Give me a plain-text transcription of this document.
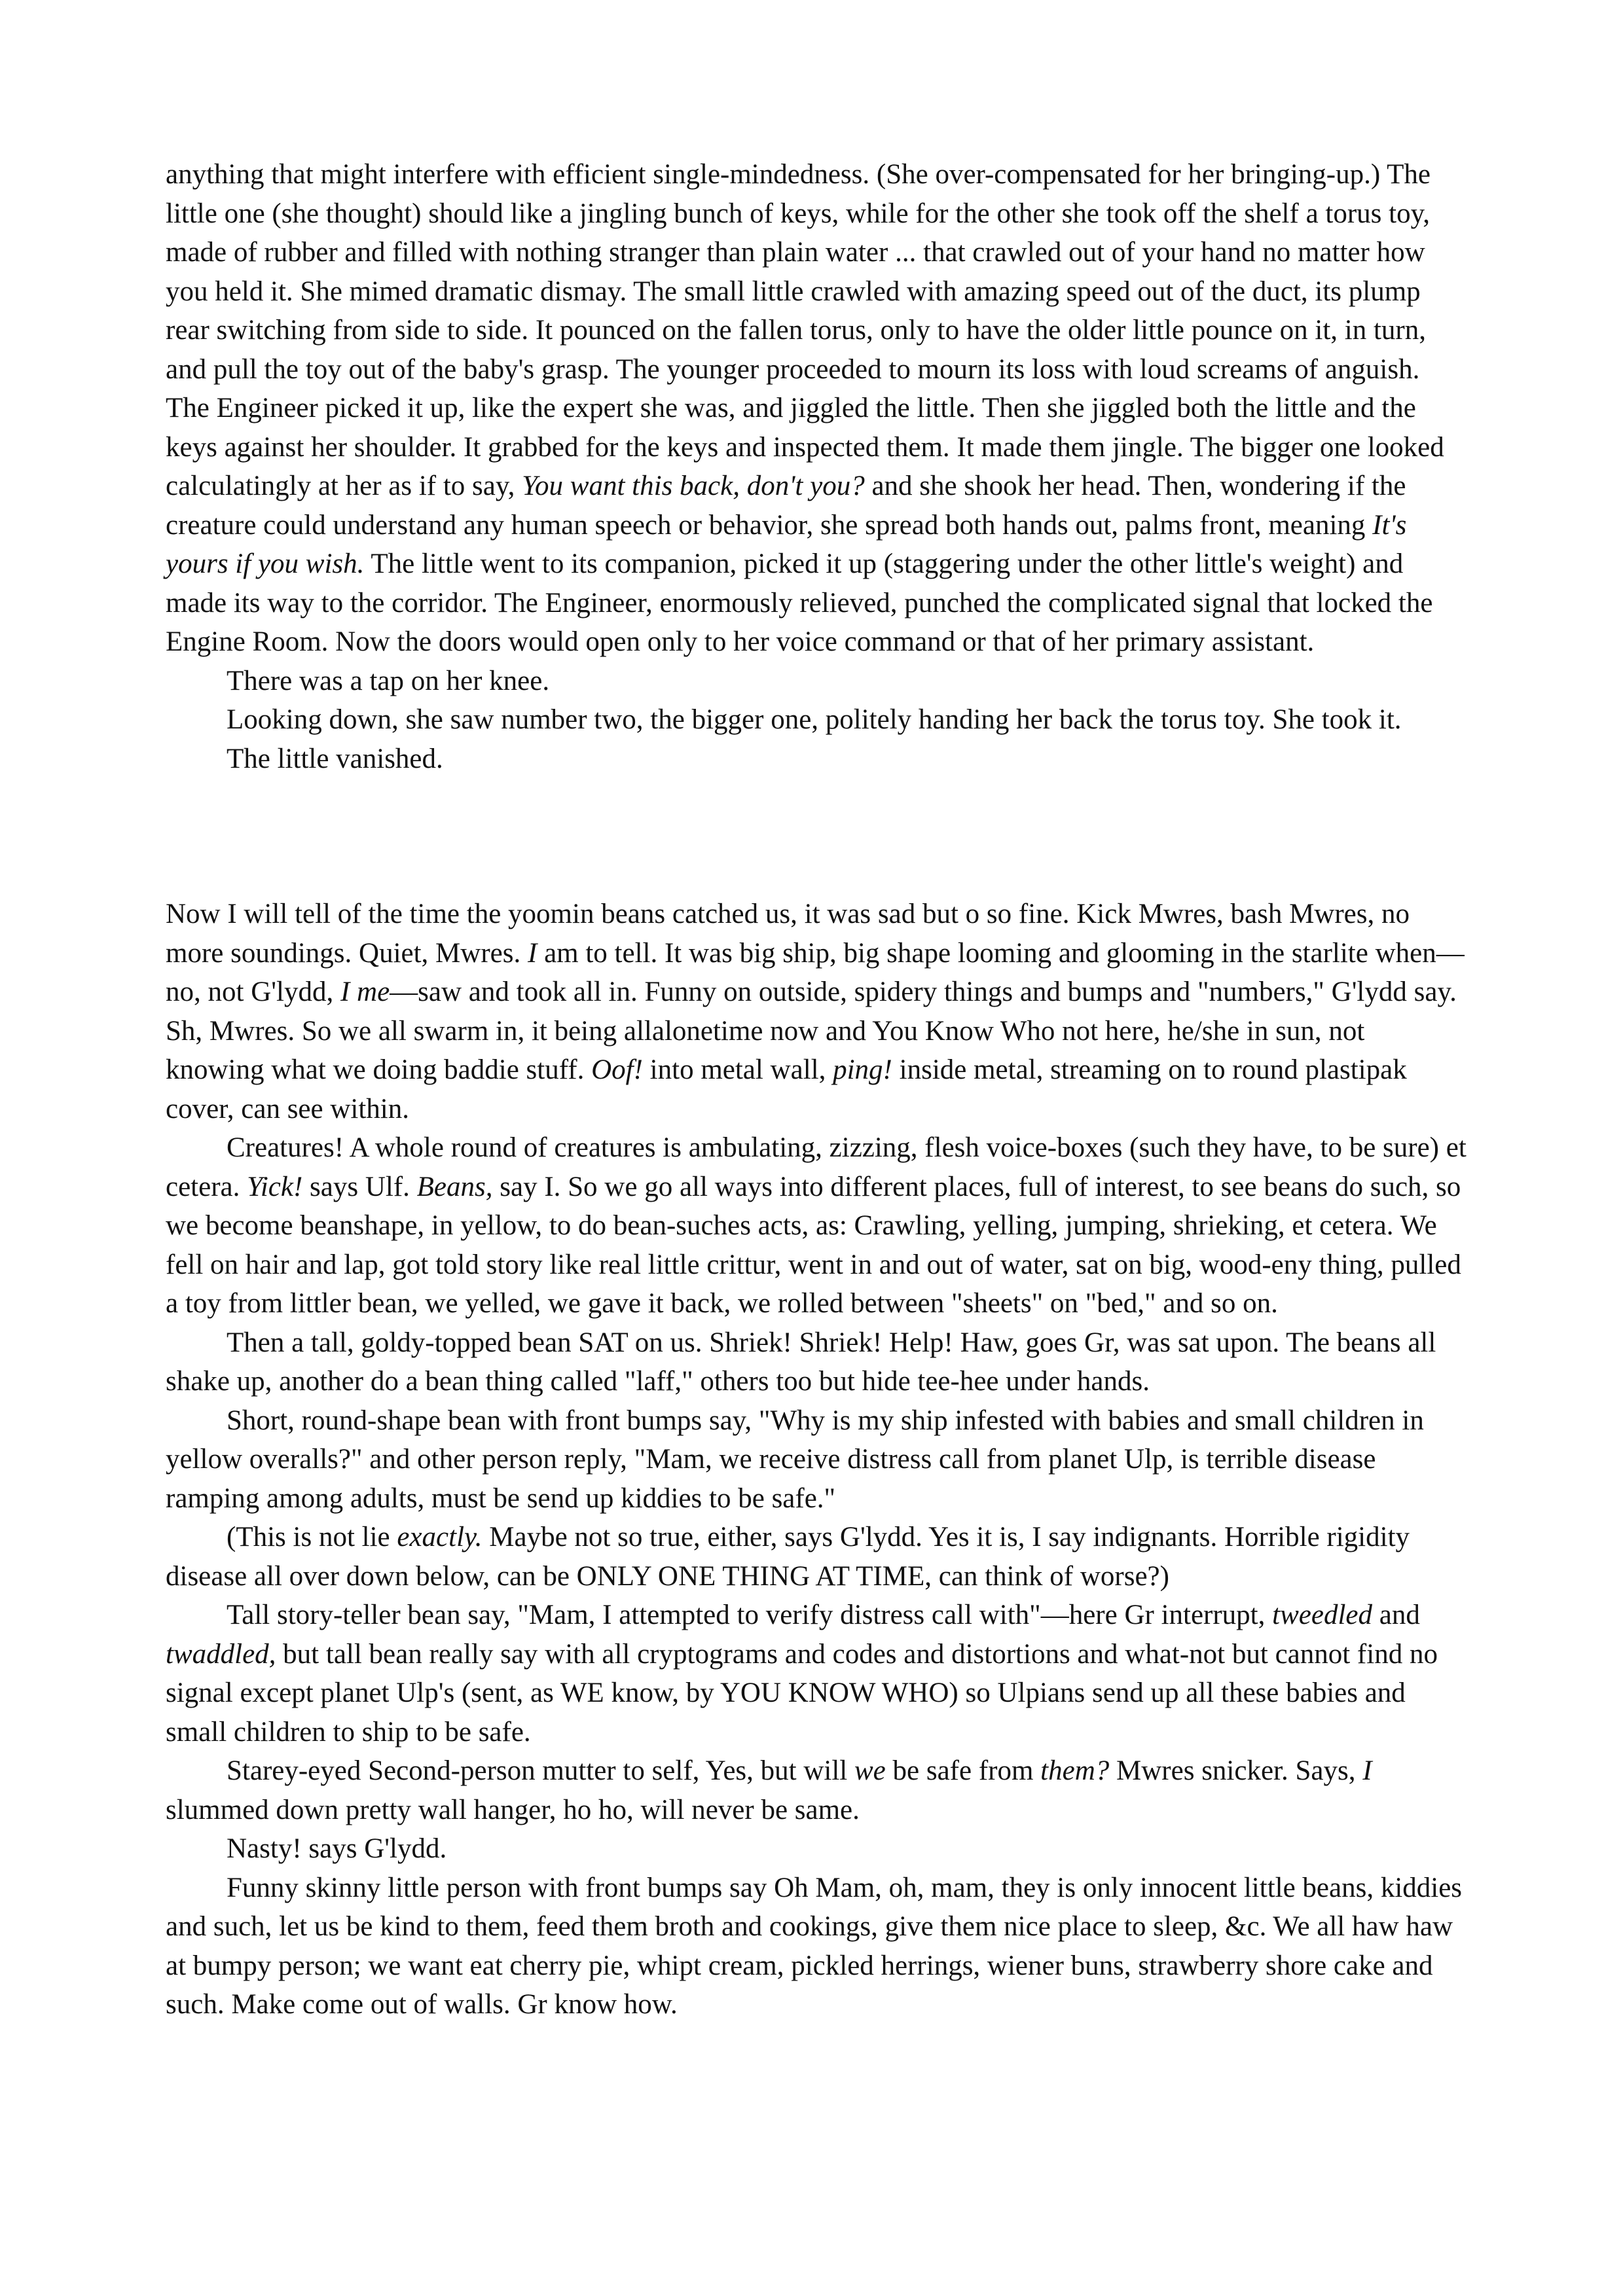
anything that might interfere with efficient single-mindedness. (She over-compensated for her bringing-up.) The little one (she thought) should like a jingling bunch of keys, while for the other she took off the shelf a torus toy, made of rubber and filled with nothing stranger than plain water ... that crawled out of your hand no matter how you held it. She mimed dramatic dismay. The small little crawled with amazing speed out of the duct, its plump rear switching from side to side. It pounced on the fallen torus, only to have the older little pounce on it, in turn, and pull the toy out of the baby's grasp. The younger proceeded to mourn its loss with loud screams of anguish. The Engineer picked it up, like the expert she was, and jiggled the little. Then she jiggled both the little and the keys against her shoulder. It grabbed for the keys and inspected them. It made them jingle. The bigger one looked calculatingly at her as if to say, You want this back, don't you? and she shook her head. Then, wondering if the creature could understand any human speech or behavior, she spread both hands out, palms front, meaning It's yours if you wish. The little went to its companion, picked it up (staggering under the other little's weight) and made its way to the corridor. The Engineer, enormously relieved, punched the complicated signal that locked the Engine Room. Now the doors would open only to her voice command or that of her primary assistant.

There was a tap on her knee.

Looking down, she saw number two, the bigger one, politely handing her back the torus toy. She took it.

The little vanished.

Now I will tell of the time the yoomin beans catched us, it was sad but o so fine. Kick Mwres, bash Mwres, no more soundings. Quiet, Mwres. I am to tell. It was big ship, big shape looming and glooming in the starlite when—no, not G'lydd, I me—saw and took all in. Funny on outside, spidery things and bumps and "numbers," G'lydd say. Sh, Mwres. So we all swarm in, it being allalonetime now and You Know Who not here, he/she in sun, not knowing what we doing baddie stuff. Oof! into metal wall, ping! inside metal, streaming on to round plastipak cover, can see within.

Creatures! A whole round of creatures is ambulating, zizzing, flesh voice-boxes (such they have, to be sure) et cetera. Yick! says Ulf. Beans, say I. So we go all ways into different places, full of interest, to see beans do such, so we become beanshape, in yellow, to do bean-suches acts, as: Crawling, yelling, jumping, shrieking, et cetera. We fell on hair and lap, got told story like real little crittur, went in and out of water, sat on big, wood-eny thing, pulled a toy from littler bean, we yelled, we gave it back, we rolled between "sheets" on "bed," and so on.

Then a tall, goldy-topped bean SAT on us. Shriek! Shriek! Help! Haw, goes Gr, was sat upon. The beans all shake up, another do a bean thing called "laff," others too but hide tee-hee under hands.

Short, round-shape bean with front bumps say, "Why is my ship infested with babies and small children in yellow overalls?" and other person reply, "Mam, we receive distress call from planet Ulp, is terrible disease ramping among adults, must be send up kiddies to be safe."

(This is not lie exactly. Maybe not so true, either, says G'lydd. Yes it is, I say indignants. Horrible rigidity disease all over down below, can be ONLY ONE THING AT TIME, can think of worse?)

Tall story-teller bean say, "Mam, I attempted to verify distress call with"—here Gr interrupt, tweedled and twaddled, but tall bean really say with all cryptograms and codes and distortions and what-not but cannot find no signal except planet Ulp's (sent, as WE know, by YOU KNOW WHO) so Ulpians send up all these babies and small children to ship to be safe.

Starey-eyed Second-person mutter to self, Yes, but will we be safe from them? Mwres snicker. Says, I slummed down pretty wall hanger, ho ho, will never be same.

Nasty! says G'lydd.

Funny skinny little person with front bumps say Oh Mam, oh, mam, they is only innocent little beans, kiddies and such, let us be kind to them, feed them broth and cookings, give them nice place to sleep, &c. We all haw haw at bumpy person; we want eat cherry pie, whipt cream, pickled herrings, wiener buns, strawberry shore cake and such. Make come out of walls. Gr know how.
